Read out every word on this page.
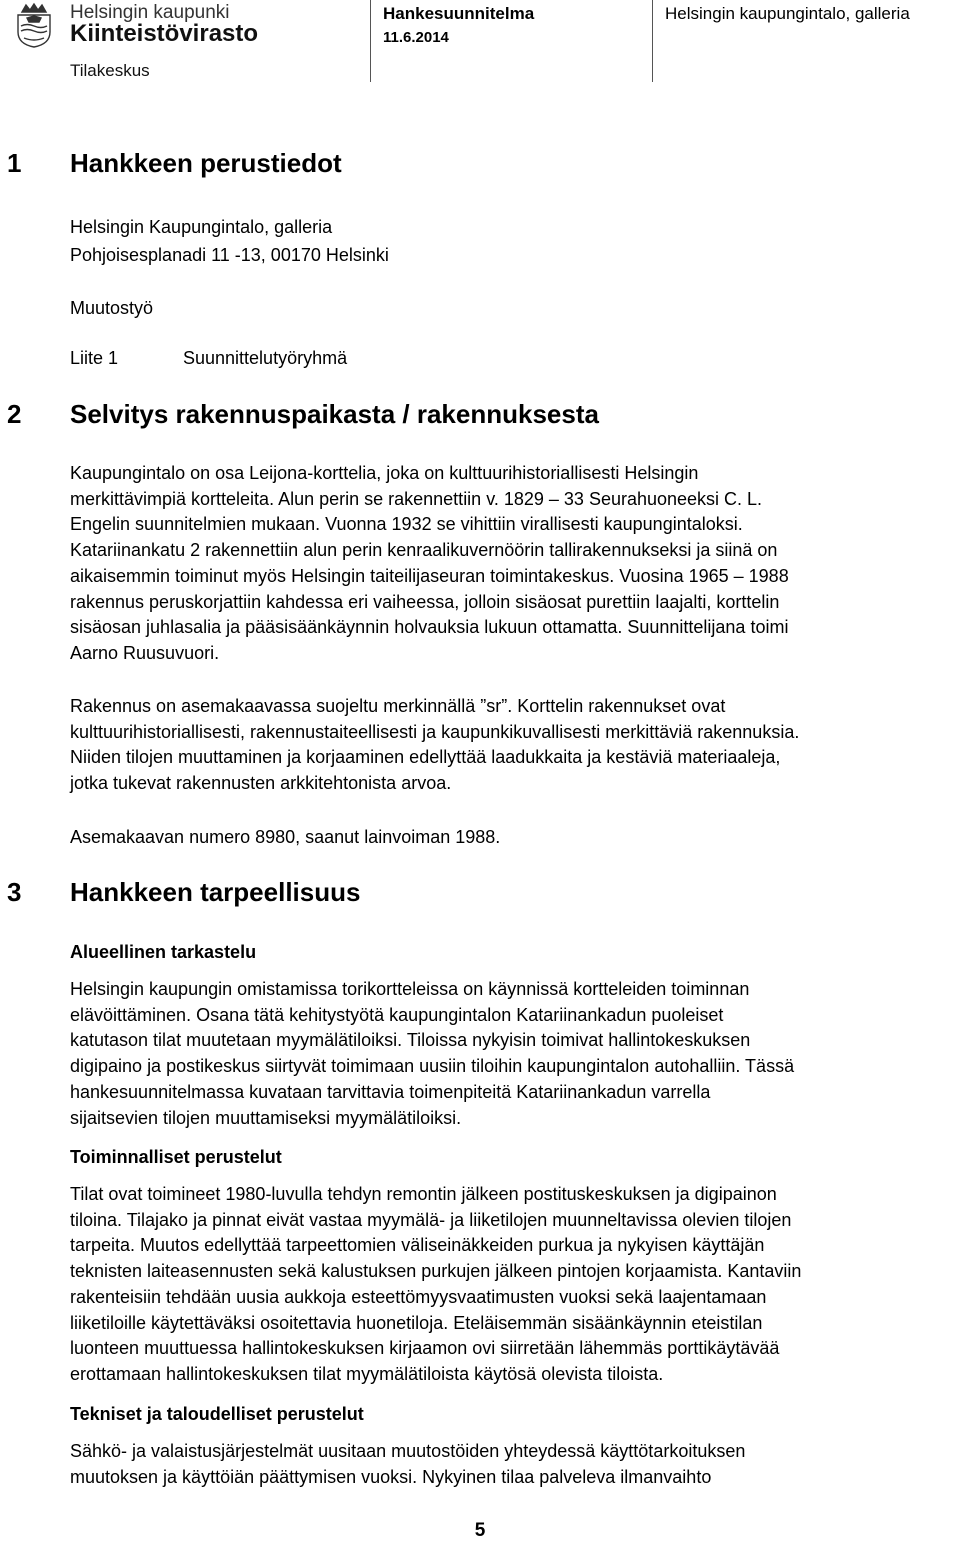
Helsingin kaupunki
Kiinteistövirasto
Tilakeskus
Hankesuunnitelma
11.6.2014
Helsingin kaupungintalo, galleria
1 Hankkeen perustiedot
Helsingin Kaupungintalo, galleria
Pohjoisesplanadi 11 -13, 00170 Helsinki
Muutostyö
Liite 1	Suunnittelutyöryhmä
2 Selvitys rakennuspaikasta / rakennuksesta
Kaupungintalo on osa Leijona-korttelia, joka on kulttuurihistoriallisesti Helsingin
merkittävimpiä kortteleita. Alun perin se rakennettiin v. 1829 – 33 Seurahuoneeksi C. L.
Engelin suunnitelmien mukaan. Vuonna 1932 se vihittiin virallisesti kaupungintaloksi.
Katariinankatu 2 rakennettiin alun perin kenraalikuvernöörin tallirakennukseksi ja siinä on
aikaisemmin toiminut myös Helsingin taiteilijaseuran toimintakeskus. Vuosina 1965 – 1988
rakennus peruskorjattiin kahdessa eri vaiheessa, jolloin sisäosat purettiin laajalti, korttelin
sisäosan juhlasalia ja pääsisäänkäynnin holvauksia lukuun ottamatta. Suunnittelijana toimi
Aarno Ruusuvuori.
Rakennus on asemakaavassa suojeltu merkinnällä ”sr”. Korttelin rakennukset ovat
kulttuurihistoriallisesti, rakennustaiteellisesti ja kaupunkikuvallisesti merkittäviä rakennuksia.
Niiden tilojen muuttaminen ja korjaaminen edellyttää laadukkaita ja kestäviä materiaaleja,
jotka tukevat rakennusten arkkitehtonista arvoa.
Asemakaavan numero 8980, saanut lainvoiman 1988.
3 Hankkeen tarpeellisuus
Alueellinen tarkastelu
Helsingin kaupungin omistamissa torikortteleissa on käynnissä kortteleiden toiminnan
elävöittäminen. Osana tätä kehitystyötä kaupungintalon Katariinankadun puoleiset
katutason tilat muutetaan myymälätiloiksi. Tiloissa nykyisin toimivat hallintokeskuksen
digipaino ja postikeskus siirtyvät toimimaan uusiin tiloihin kaupungintalon autohalliin. Tässä
hankesuunnitelmassa kuvataan tarvittavia toimenpiteitä Katariinankadun varrella
sijaitsevien tilojen muuttamiseksi myymälätiloiksi.
Toiminnalliset perustelut
Tilat ovat toimineet 1980-luvulla tehdyn remontin jälkeen postituskeskuksen ja digipainon
tiloina. Tilajako ja pinnat eivät vastaa myymälä- ja liiketilojen muunneltavissa olevien tilojen
tarpeita. Muutos edellyttää tarpeettomien väliseinäkkeiden purkua ja nykyisen käyttäjän
teknisten laiteasennusten sekä kalustuksen purkujen jälkeen pintojen korjaamista. Kantaviin
rakenteisiin tehdään uusia aukkoja esteettömyysvaatimusten vuoksi sekä laajentamaan
liiketiloille käytettäväksi osoitettavia huonetiloja. Eteläisemmän sisäänkäynnin eteistilan
luonteen muuttuessa hallintokeskuksen kirjaamon ovi siirretään lähemmäs porttikäytävää
erottamaan hallintokeskuksen tilat myymälätiloista käytösä olevista tiloista.
Tekniset ja taloudelliset perustelut
Sähkö- ja valaistusjärjestelmät uusitaan muutostöiden yhteydessä käyttötarkoituksen
muutoksen ja käyttöiän päättymisen vuoksi. Nykyinen tilaa palveleva ilmanvaihto
5
